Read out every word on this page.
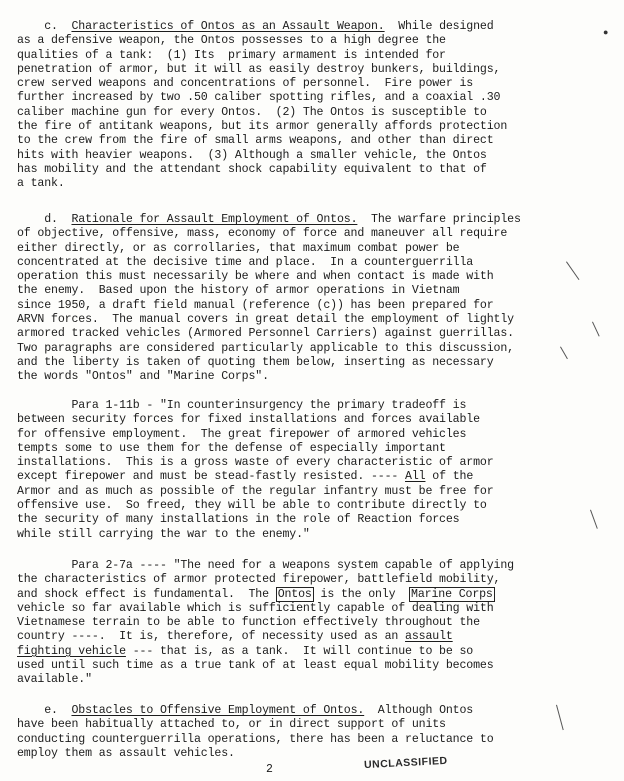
c.  Characteristics of Ontos as an Assault Weapon.  While designed
as a defensive weapon, the Ontos possesses to a high degree the
qualities of a tank:  (1) Its  primary armament is intended for
penetration of armor, but it will as easily destroy bunkers, buildings,
crew served weapons and concentrations of personnel.  Fire power is
further increased by two .50 caliber spotting rifles, and a coaxial .30
caliber machine gun for every Ontos.  (2) The Ontos is susceptible to
the fire of antitank weapons, but its armor generally affords protection
to the crew from the fire of small arms weapons, and other than direct
hits with heavier weapons.  (3) Although a smaller vehicle, the Ontos
has mobility and the attendant shock capability equivalent to that of
a tank.
d.  Rationale for Assault Employment of Ontos.  The warfare principles
of objective, offensive, mass, economy of force and maneuver all require
either directly, or as corrollaries, that maximum combat power be
concentrated at the decisive time and place.  In a counterguerrilla
operation this must necessarily be where and when contact is made with
the enemy.  Based upon the history of armor operations in Vietnam
since 1950, a draft field manual (reference (c)) has been prepared for
ARVN forces.  The manual covers in great detail the employment of lightly
armored tracked vehicles (Armored Personnel Carriers) against guerrillas.
Two paragraphs are considered particularly applicable to this discussion,
and the liberty is taken of quoting them below, inserting as necessary
the words "Ontos" and "Marine Corps".
Para 1-11b - "In counterinsurgency the primary tradeoff is
between security forces for fixed installations and forces available
for offensive employment.  The great firepower of armored vehicles
tempts some to use them for the defense of especially important
installations.  This is a gross waste of every characteristic of armor
except firepower and must be stead-fastly resisted. ---- All of the
Armor and as much as possible of the regular infantry must be free for
offensive use.  So freed, they will be able to contribute directly to
the security of many installations in the role of Reaction forces
while still carrying the war to the enemy."
Para 2-7a ---- "The need for a weapons system capable of applying
the characteristics of armor protected firepower, battlefield mobility,
and shock effect is fundamental.  The Ontos is the only  Marine Corps
vehicle so far available which is sufficiently capable of dealing with
Vietnamese terrain to be able to function effectively throughout the
country ----.  It is, therefore, of necessity used as an assault
fighting vehicle --- that is, as a tank.  It will continue to be so
used until such time as a true tank of at least equal mobility becomes
available."
e.  Obstacles to Offensive Employment of Ontos.  Although Ontos
have been habitually attached to, or in direct support of units
conducting counterguerrilla operations, there has been a reluctance to
employ them as assault vehicles.
●
2	UNCLASSIFIED
